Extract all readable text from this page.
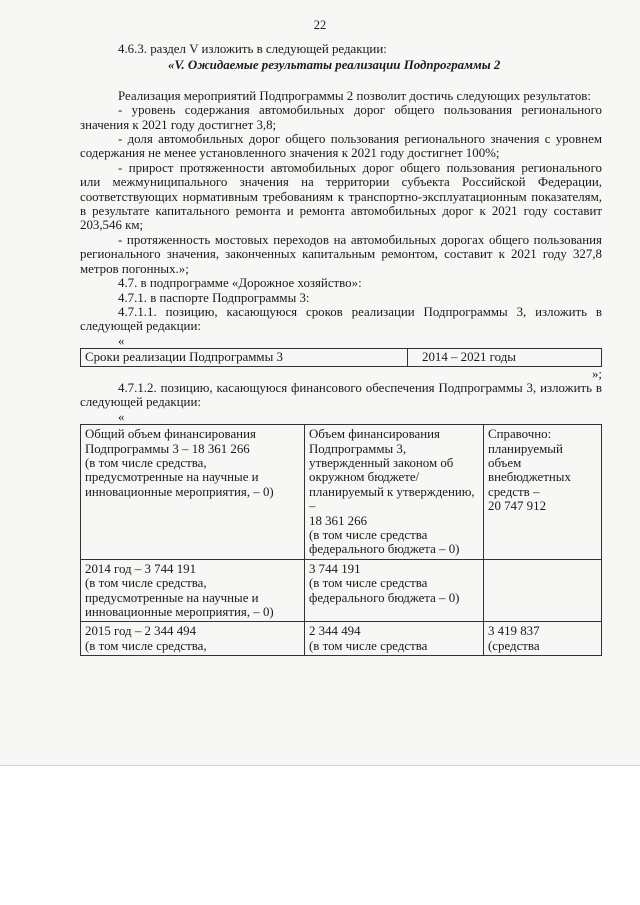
22

4.6.3. раздел V изложить в следующей редакции:

«V. Ожидаемые результаты реализации Подпрограммы 2

Реализация мероприятий Подпрограммы 2 позволит достичь следующих результатов:

- уровень содержания автомобильных дорог общего пользования регионального значения к 2021 году достигнет 3,8;

- доля автомобильных дорог общего пользования регионального значения с уровнем содержания не менее установленного значения к 2021 году достигнет 100%;

- прирост протяженности автомобильных дорог общего пользования регионального или межмуниципального значения на территории субъекта Российской Федерации, соответствующих нормативным требованиям к транспортно-эксплуатационным показателям, в результате капитального ремонта и ремонта автомобильных дорог к 2021 году составит 203,546 км;

- протяженность мостовых переходов на автомобильных дорогах общего пользования регионального значения, законченных капитальным ремонтом, составит к 2021 году 327,8 метров погонных.»;

4.7. в подпрограмме «Дорожное хозяйство»:

4.7.1. в паспорте Подпрограммы 3:

4.7.1.1. позицию, касающуюся сроков реализации Подпрограммы 3, изложить в следующей редакции:

«

Сроки реализации Подпрограммы 3	2014 – 2021 годы

»;

4.7.1.2. позицию, касающуюся финансового обеспечения Подпрограммы 3, изложить в следующей редакции:

«

Общий объем финансирования Подпрограммы 3 – 18 361 266
(в том числе средства, предусмотренные на научные и инновационные мероприятия, – 0)	Объем финансирования Подпрограммы 3, утвержденный законом об окружном бюджете/планируемый к утверждению, –
18 361 266
(в том числе средства федерального бюджета – 0)	Справочно: планируемый объем внебюджетных средств –
20 747 912
2014 год – 3 744 191
(в том числе средства, предусмотренные на научные и инновационные мероприятия, – 0)	3 744 191
(в том числе средства федерального бюджета – 0)	
2015 год – 2 344 494
(в том числе средства,	2 344 494
(в том числе средства	3 419 837
(средства
